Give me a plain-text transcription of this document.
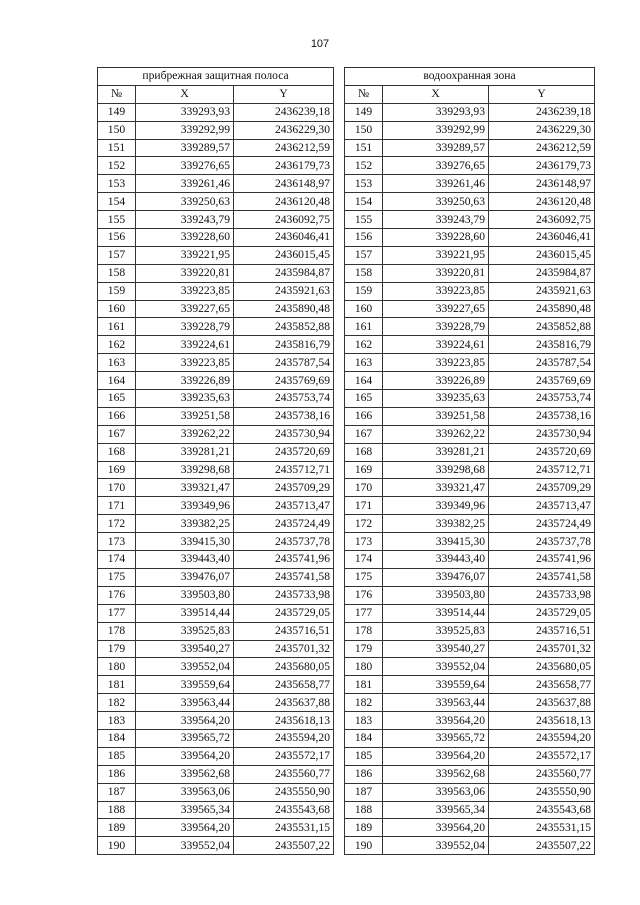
107
прибрежная защитная полоса				водоохранная зона		
№	X	Y		№	X	Y
149	339293,93	2436239,18		149	339293,93	2436239,18
150	339292,99	2436229,30		150	339292,99	2436229,30
151	339289,57	2436212,59		151	339289,57	2436212,59
152	339276,65	2436179,73		152	339276,65	2436179,73
153	339261,46	2436148,97		153	339261,46	2436148,97
154	339250,63	2436120,48		154	339250,63	2436120,48
155	339243,79	2436092,75		155	339243,79	2436092,75
156	339228,60	2436046,41		156	339228,60	2436046,41
157	339221,95	2436015,45		157	339221,95	2436015,45
158	339220,81	2435984,87		158	339220,81	2435984,87
159	339223,85	2435921,63		159	339223,85	2435921,63
160	339227,65	2435890,48		160	339227,65	2435890,48
161	339228,79	2435852,88		161	339228,79	2435852,88
162	339224,61	2435816,79		162	339224,61	2435816,79
163	339223,85	2435787,54		163	339223,85	2435787,54
164	339226,89	2435769,69		164	339226,89	2435769,69
165	339235,63	2435753,74		165	339235,63	2435753,74
166	339251,58	2435738,16		166	339251,58	2435738,16
167	339262,22	2435730,94		167	339262,22	2435730,94
168	339281,21	2435720,69		168	339281,21	2435720,69
169	339298,68	2435712,71		169	339298,68	2435712,71
170	339321,47	2435709,29		170	339321,47	2435709,29
171	339349,96	2435713,47		171	339349,96	2435713,47
172	339382,25	2435724,49		172	339382,25	2435724,49
173	339415,30	2435737,78		173	339415,30	2435737,78
174	339443,40	2435741,96		174	339443,40	2435741,96
175	339476,07	2435741,58		175	339476,07	2435741,58
176	339503,80	2435733,98		176	339503,80	2435733,98
177	339514,44	2435729,05		177	339514,44	2435729,05
178	339525,83	2435716,51		178	339525,83	2435716,51
179	339540,27	2435701,32		179	339540,27	2435701,32
180	339552,04	2435680,05		180	339552,04	2435680,05
181	339559,64	2435658,77		181	339559,64	2435658,77
182	339563,44	2435637,88		182	339563,44	2435637,88
183	339564,20	2435618,13		183	339564,20	2435618,13
184	339565,72	2435594,20		184	339565,72	2435594,20
185	339564,20	2435572,17		185	339564,20	2435572,17
186	339562,68	2435560,77		186	339562,68	2435560,77
187	339563,06	2435550,90		187	339563,06	2435550,90
188	339565,34	2435543,68		188	339565,34	2435543,68
189	339564,20	2435531,15		189	339564,20	2435531,15
190	339552,04	2435507,22		190	339552,04	2435507,22
